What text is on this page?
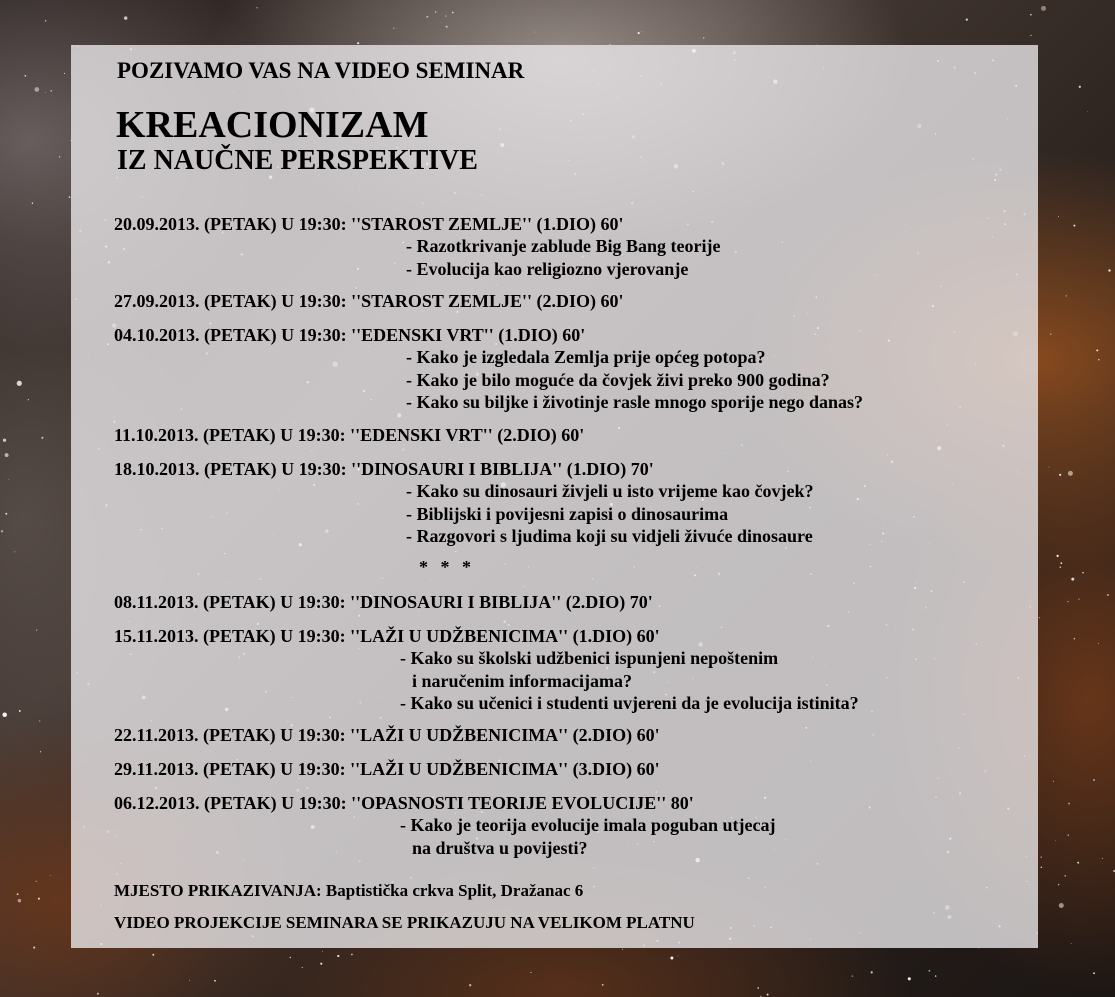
POZIVAMO VAS NA VIDEO SEMINAR
KREACIONIZAM
IZ NAUČNE PERSPEKTIVE
20.09.2013. (PETAK) U 19:30: ''STAROST ZEMLJE'' (1.DIO) 60'
- Razotkrivanje zablude Big Bang teorije
- Evolucija kao religiozno vjerovanje
27.09.2013. (PETAK) U 19:30: ''STAROST ZEMLJE'' (2.DIO) 60'
04.10.2013. (PETAK) U 19:30: ''EDENSKI VRT'' (1.DIO) 60'
- Kako je izgledala Zemlja prije općeg potopa?
- Kako je bilo moguće da čovjek živi preko 900 godina?
- Kako su biljke i životinje rasle mnogo sporije nego danas?
11.10.2013. (PETAK) U 19:30: ''EDENSKI VRT'' (2.DIO) 60'
18.10.2013. (PETAK) U 19:30: ''DINOSAURI I BIBLIJA'' (1.DIO) 70'
- Kako su dinosauri živjeli u isto vrijeme kao čovjek?
- Biblijski i povijesni zapisi o dinosaurima
- Razgovori s ljudima koji su vidjeli živuće dinosaure
* * *
08.11.2013. (PETAK) U 19:30: ''DINOSAURI I BIBLIJA'' (2.DIO) 70'
15.11.2013. (PETAK) U 19:30: ''LAŽI U UDŽBENICIMA'' (1.DIO) 60'
- Kako su školski udžbenici ispunjeni nepoštenim
i naručenim informacijama?
- Kako su učenici i studenti uvjereni da je evolucija istinita?
22.11.2013. (PETAK) U 19:30: ''LAŽI U UDŽBENICIMA'' (2.DIO) 60'
29.11.2013. (PETAK) U 19:30: ''LAŽI U UDŽBENICIMA'' (3.DIO) 60'
06.12.2013. (PETAK) U 19:30: ''OPASNOSTI TEORIJE EVOLUCIJE'' 80'
- Kako je teorija evolucije imala poguban utjecaj
na društva u povijesti?
MJESTO PRIKAZIVANJA: Baptistička crkva Split, Dražanac 6
VIDEO PROJEKCIJE SEMINARA SE PRIKAZUJU NA VELIKOM PLATNU
